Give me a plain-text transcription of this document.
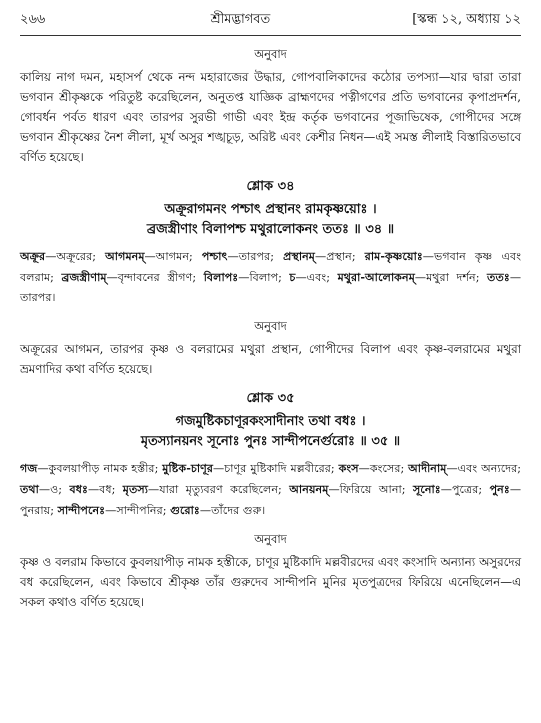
২৬৬	শ্রীমদ্ভাগবত	[স্কন্ধ ১২, অধ্যায় ১২
অনুবাদ

কালিয় নাগ দমন, মহাসর্প থেকে নন্দ মহারাজের উদ্ধার, গোপবালিকাদের কঠোর তপস্যা—যার দ্বারা তারা ভগবান শ্রীকৃষ্ণকে পরিতুষ্ট করেছিলেন, অনুতপ্ত যাজ্ঞিক ব্রাহ্মণদের পত্নীগণের প্রতি ভগবানের কৃপাপ্রদর্শন, গোবর্ধন পর্বত ধারণ এবং তারপর সুরভী গাভী এবং ইন্দ্র কর্তৃক ভগবানের পূজাভিষেক, গোপীদের সঙ্গে ভগবান শ্রীকৃষ্ণের নৈশ লীলা, মূর্খ অসুর শঙ্খচূড়, অরিষ্ট এবং কেশীর নিধন—এই সমস্ত লীলাই বিস্তারিতভাবে বর্ণিত হয়েছে।

শ্লোক ৩৪
অক্রূরাগমনং পশ্চাৎ প্রস্থানং রামকৃষ্ণয়োঃ ।
ব্রজস্ত্রীণাং বিলাপশ্চ মথুরালোকনং ততঃ ॥ ৩৪ ॥

অক্রূর—অক্রূরের; আগমনম্—আগমন; পশ্চাৎ—তারপর; প্রস্থানম্—প্রস্থান; রাম-কৃষ্ণয়োঃ—ভগবান কৃষ্ণ এবং বলরাম; ব্রজস্ত্রীণাম্—বৃন্দাবনের স্ত্রীগণ; বিলাপঃ—বিলাপ; চ—এবং; মথুরা-আলোকনম্—মথুরা দর্শন; ততঃ—তারপর।

অনুবাদ

অক্রূরের আগমন, তারপর কৃষ্ণ ও বলরামের মথুরা প্রস্থান, গোপীদের বিলাপ এবং কৃষ্ণ-বলরামের মথুরা ভ্রমণাদির কথা বর্ণিত হয়েছে।

শ্লোক ৩৫
গজমুষ্টিকচাণূরকংসাদীনাং তথা বধঃ ।
মৃতস্যানয়নং সূনোঃ পুনঃ সান্দীপনের্গুরোঃ ॥ ৩৫ ॥

গজ—কুবলয়াপীড় নামক হস্তীর; মুষ্টিক-চাণূর—চাণূর মুষ্টিকাদি মল্লবীরের; কংস—কংসের; আদীনাম্—এবং অন্যদের; তথা—ও; বধঃ—বধ; মৃতস্য—যারা মৃত্যুবরণ করেছিলেন; আনয়নম্—ফিরিয়ে আনা; সূনোঃ—পুত্রের; পুনঃ—পুনরায়; সান্দীপনেঃ—সান্দীপনির; গুরোঃ—তাঁদের গুরু।

অনুবাদ

কৃষ্ণ ও বলরাম কিভাবে কুবলয়াপীড় নামক হস্তীকে, চাণূর মুষ্টিকাদি মল্লবীরদের এবং কংসাদি অন্যান্য অসুরদের বধ করেছিলেন, এবং কিভাবে শ্রীকৃষ্ণ তাঁর গুরুদেব সান্দীপনি মুনির মৃতপুত্রদের ফিরিয়ে এনেছিলেন—এ সকল কথাও বর্ণিত হয়েছে।
